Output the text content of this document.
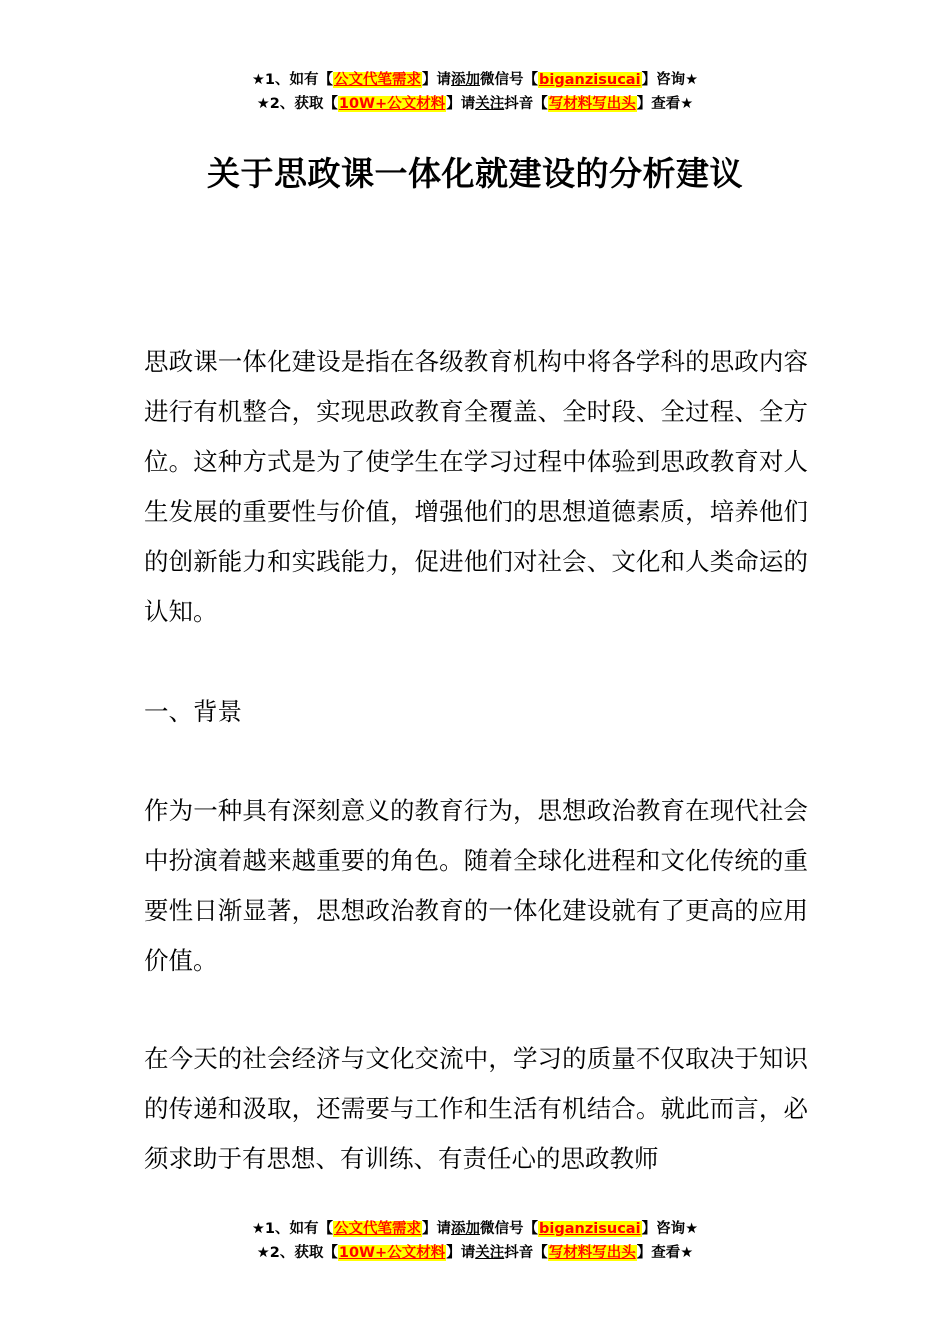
★1、如有【公文代笔需求】请添加微信号【biganzisucai】咨询★
★2、获取【10W+公文材料】请关注抖音【写材料写出头】查看★
关于思政课一体化就建设的分析建议

思政课一体化建设是指在各级教育机构中将各学科的思政内容进行有机整合，实现思政教育全覆盖、全时段、全过程、全方位。这种方式是为了使学生在学习过程中体验到思政教育对人生发展的重要性与价值，增强他们的思想道德素质，培养他们的创新能力和实践能力，促进他们对社会、文化和人类命运的认知。

一、背景

作为一种具有深刻意义的教育行为，思想政治教育在现代社会中扮演着越来越重要的角色。随着全球化进程和文化传统的重要性日渐显著，思想政治教育的一体化建设就有了更高的应用价值。

在今天的社会经济与文化交流中，学习的质量不仅取决于知识的传递和汲取，还需要与工作和生活有机结合。就此而言，必须求助于有思想、有训练、有责任心的思政教师

★1、如有【公文代笔需求】请添加微信号【biganzisucai】咨询★
★2、获取【10W+公文材料】请关注抖音【写材料写出头】查看★
